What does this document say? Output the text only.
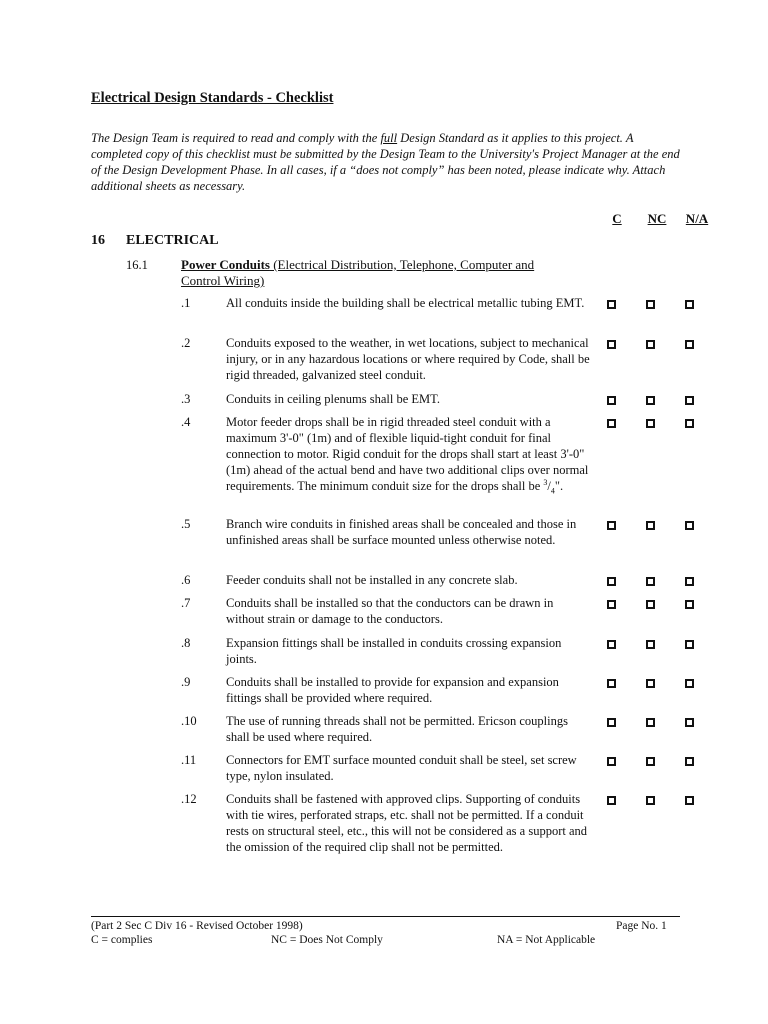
Electrical Design Standards - Checklist
The Design Team is required to read and comply with the full Design Standard as it applies to this project. A completed copy of this checklist must be submitted by the Design Team to the University's Project Manager at the end of the Design Development Phase. In all cases, if a “does not comply” has been noted, please indicate why. Attach additional sheets as necessary.
C NC N/A
16 ELECTRICAL
16.1	Power Conduits (Electrical Distribution, Telephone, Computer and Control Wiring)
.1	All conduits inside the building shall be electrical metallic tubing EMT.
.2	Conduits exposed to the weather, in wet locations, subject to mechanical injury, or in any hazardous locations or where required by Code, shall be rigid threaded, galvanized steel conduit.
.3	Conduits in ceiling plenums shall be EMT.
.4	Motor feeder drops shall be in rigid threaded steel conduit with a maximum 3'-0" (1m) and of flexible liquid-tight conduit for final connection to motor. Rigid conduit for the drops shall start at least 3'-0" (1m) ahead of the actual bend and have two additional clips over normal requirements. The minimum conduit size for the drops shall be $^3/_4$".
.5	Branch wire conduits in finished areas shall be concealed and those in unfinished areas shall be surface mounted unless otherwise noted.
.6	Feeder conduits shall not be installed in any concrete slab.
.7	Conduits shall be installed so that the conductors can be drawn in without strain or damage to the conductors.
.8	Expansion fittings shall be installed in conduits crossing expansion joints.
.9	Conduits shall be installed to provide for expansion and expansion fittings shall be provided where required.
.10 The use of running threads shall not be permitted. Ericson couplings shall be used where required.
.11 Connectors for EMT surface mounted conduit shall be steel, set screw type, nylon insulated.
.12 Conduits shall be fastened with approved clips. Supporting of conduits with tie wires, perforated straps, etc. shall not be permitted. If a conduit rests on structural steel, etc., this will not be considered as a support and the omission of the required clip shall not be permitted.
(Part 2 Sec C Div 16 - Revised October 1998)	Page No. 1
C = complies	NC = Does Not Comply	NA = Not Applicable
